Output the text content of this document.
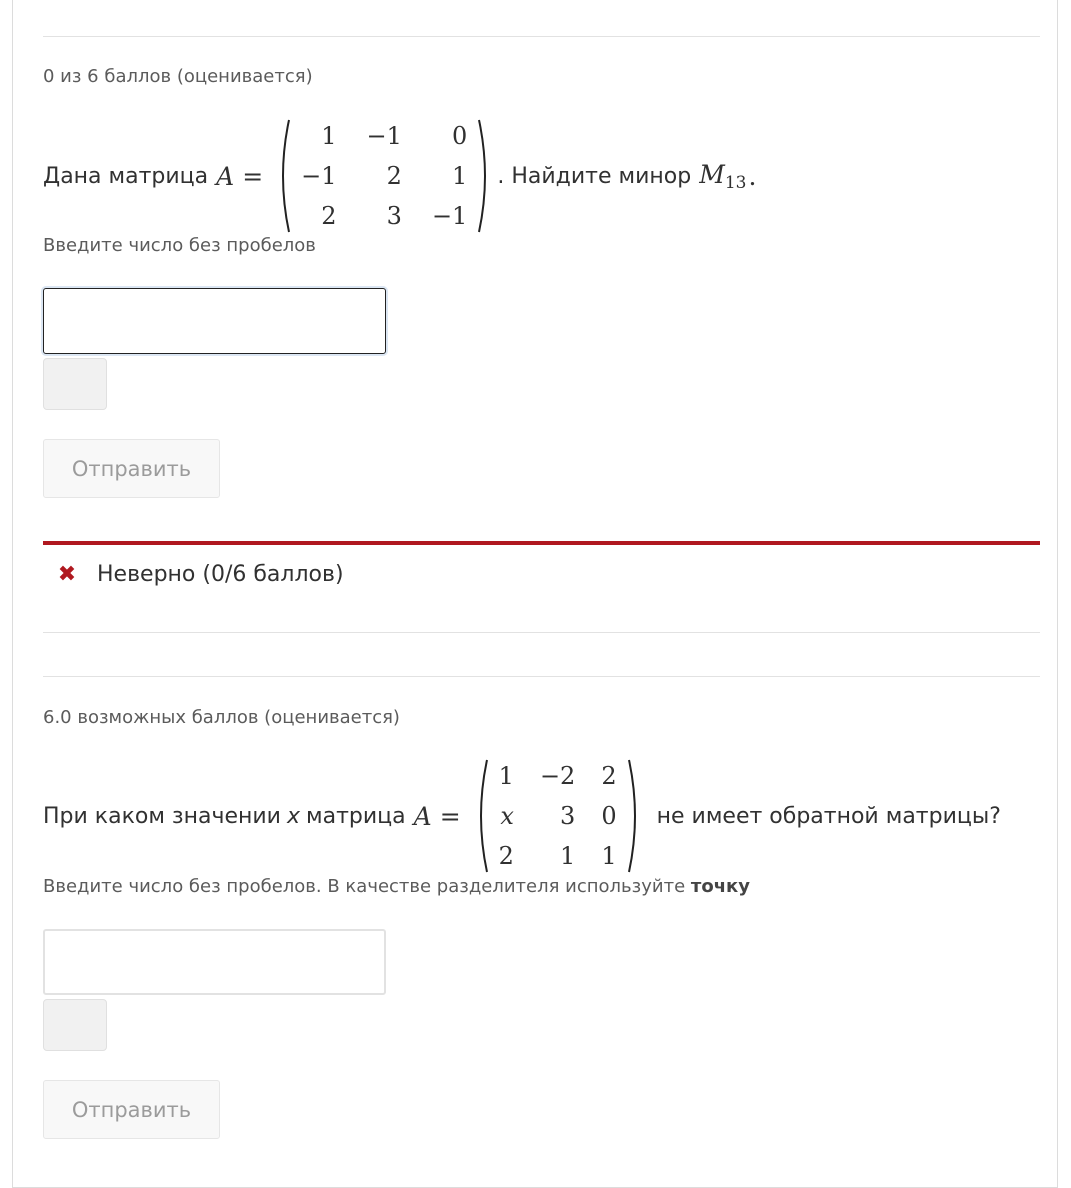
0 из 6 баллов (оценивается)
Дана матрица A =
1 −1	0
−1	2	1
2	3 −1
. Найдите минор $M_{13}$ .
Введите число без пробелов
Отправить
✖ Неверно (0/6 баллов)
6.0 возможных баллов (оценивается)
При каком значении x матрица A =
1 −2 2
x	3 0
2	1 1
не имеет обратной матрицы?
Введите число без пробелов. В качестве разделителя используйте точку
Отправить
